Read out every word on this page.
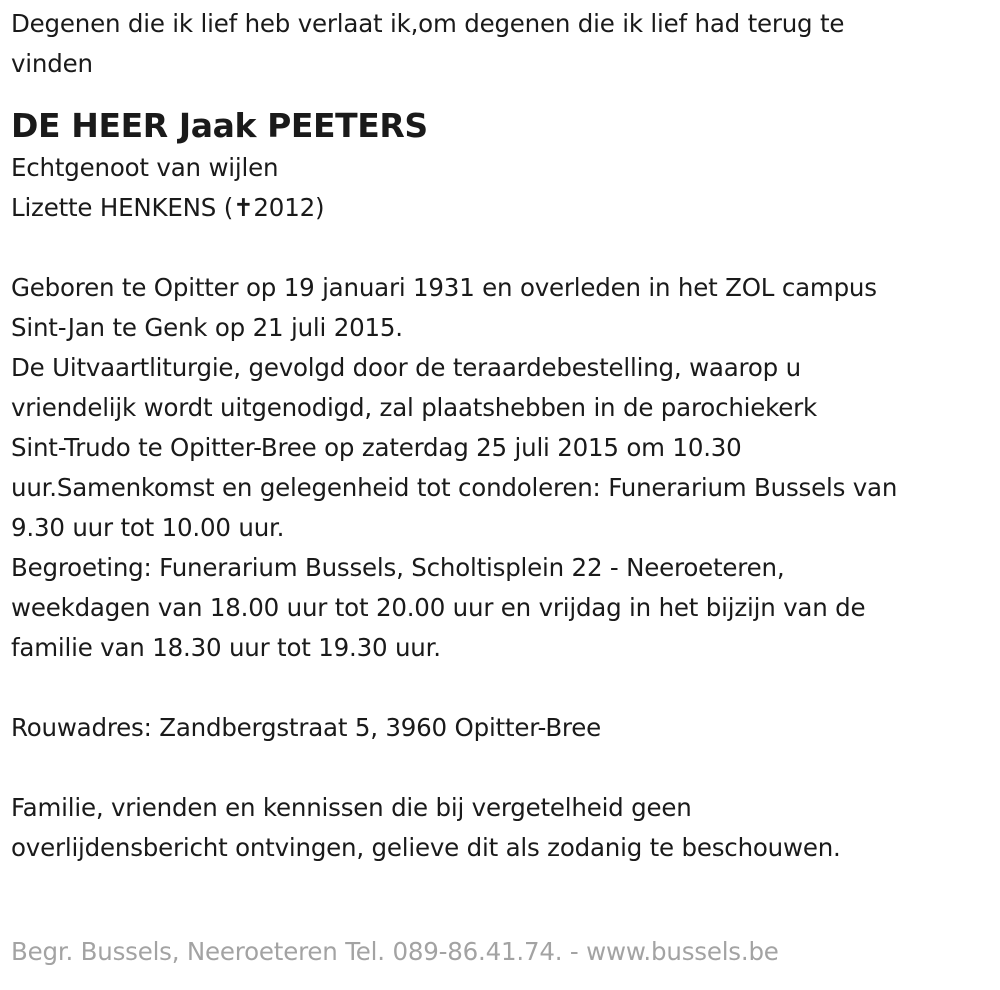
Degenen die ik lief heb verlaat ik,om degenen die ik lief had terug te
vinden
DE HEER Jaak PEETERS
Echtgenoot van wijlen
Lizette HENKENS (✝2012)
Geboren te Opitter op 19 januari 1931 en overleden in het ZOL campus
Sint-Jan te Genk op 21 juli 2015.
De Uitvaartliturgie, gevolgd door de teraardebestelling, waarop u
vriendelijk wordt uitgenodigd, zal plaatshebben in de parochiekerk
Sint-Trudo te Opitter-Bree op zaterdag 25 juli 2015 om 10.30
uur.Samenkomst en gelegenheid tot condoleren: Funerarium Bussels van
9.30 uur tot 10.00 uur.
Begroeting: Funerarium Bussels, Scholtisplein 22 - Neeroeteren,
weekdagen van 18.00 uur tot 20.00 uur en vrijdag in het bijzijn van de
familie van 18.30 uur tot 19.30 uur.
Rouwadres: Zandbergstraat 5, 3960 Opitter-Bree
Familie, vrienden en kennissen die bij vergetelheid geen
overlijdensbericht ontvingen, gelieve dit als zodanig te beschouwen.
Begr. Bussels, Neeroeteren Tel. 089-86.41.74. - www.bussels.be
